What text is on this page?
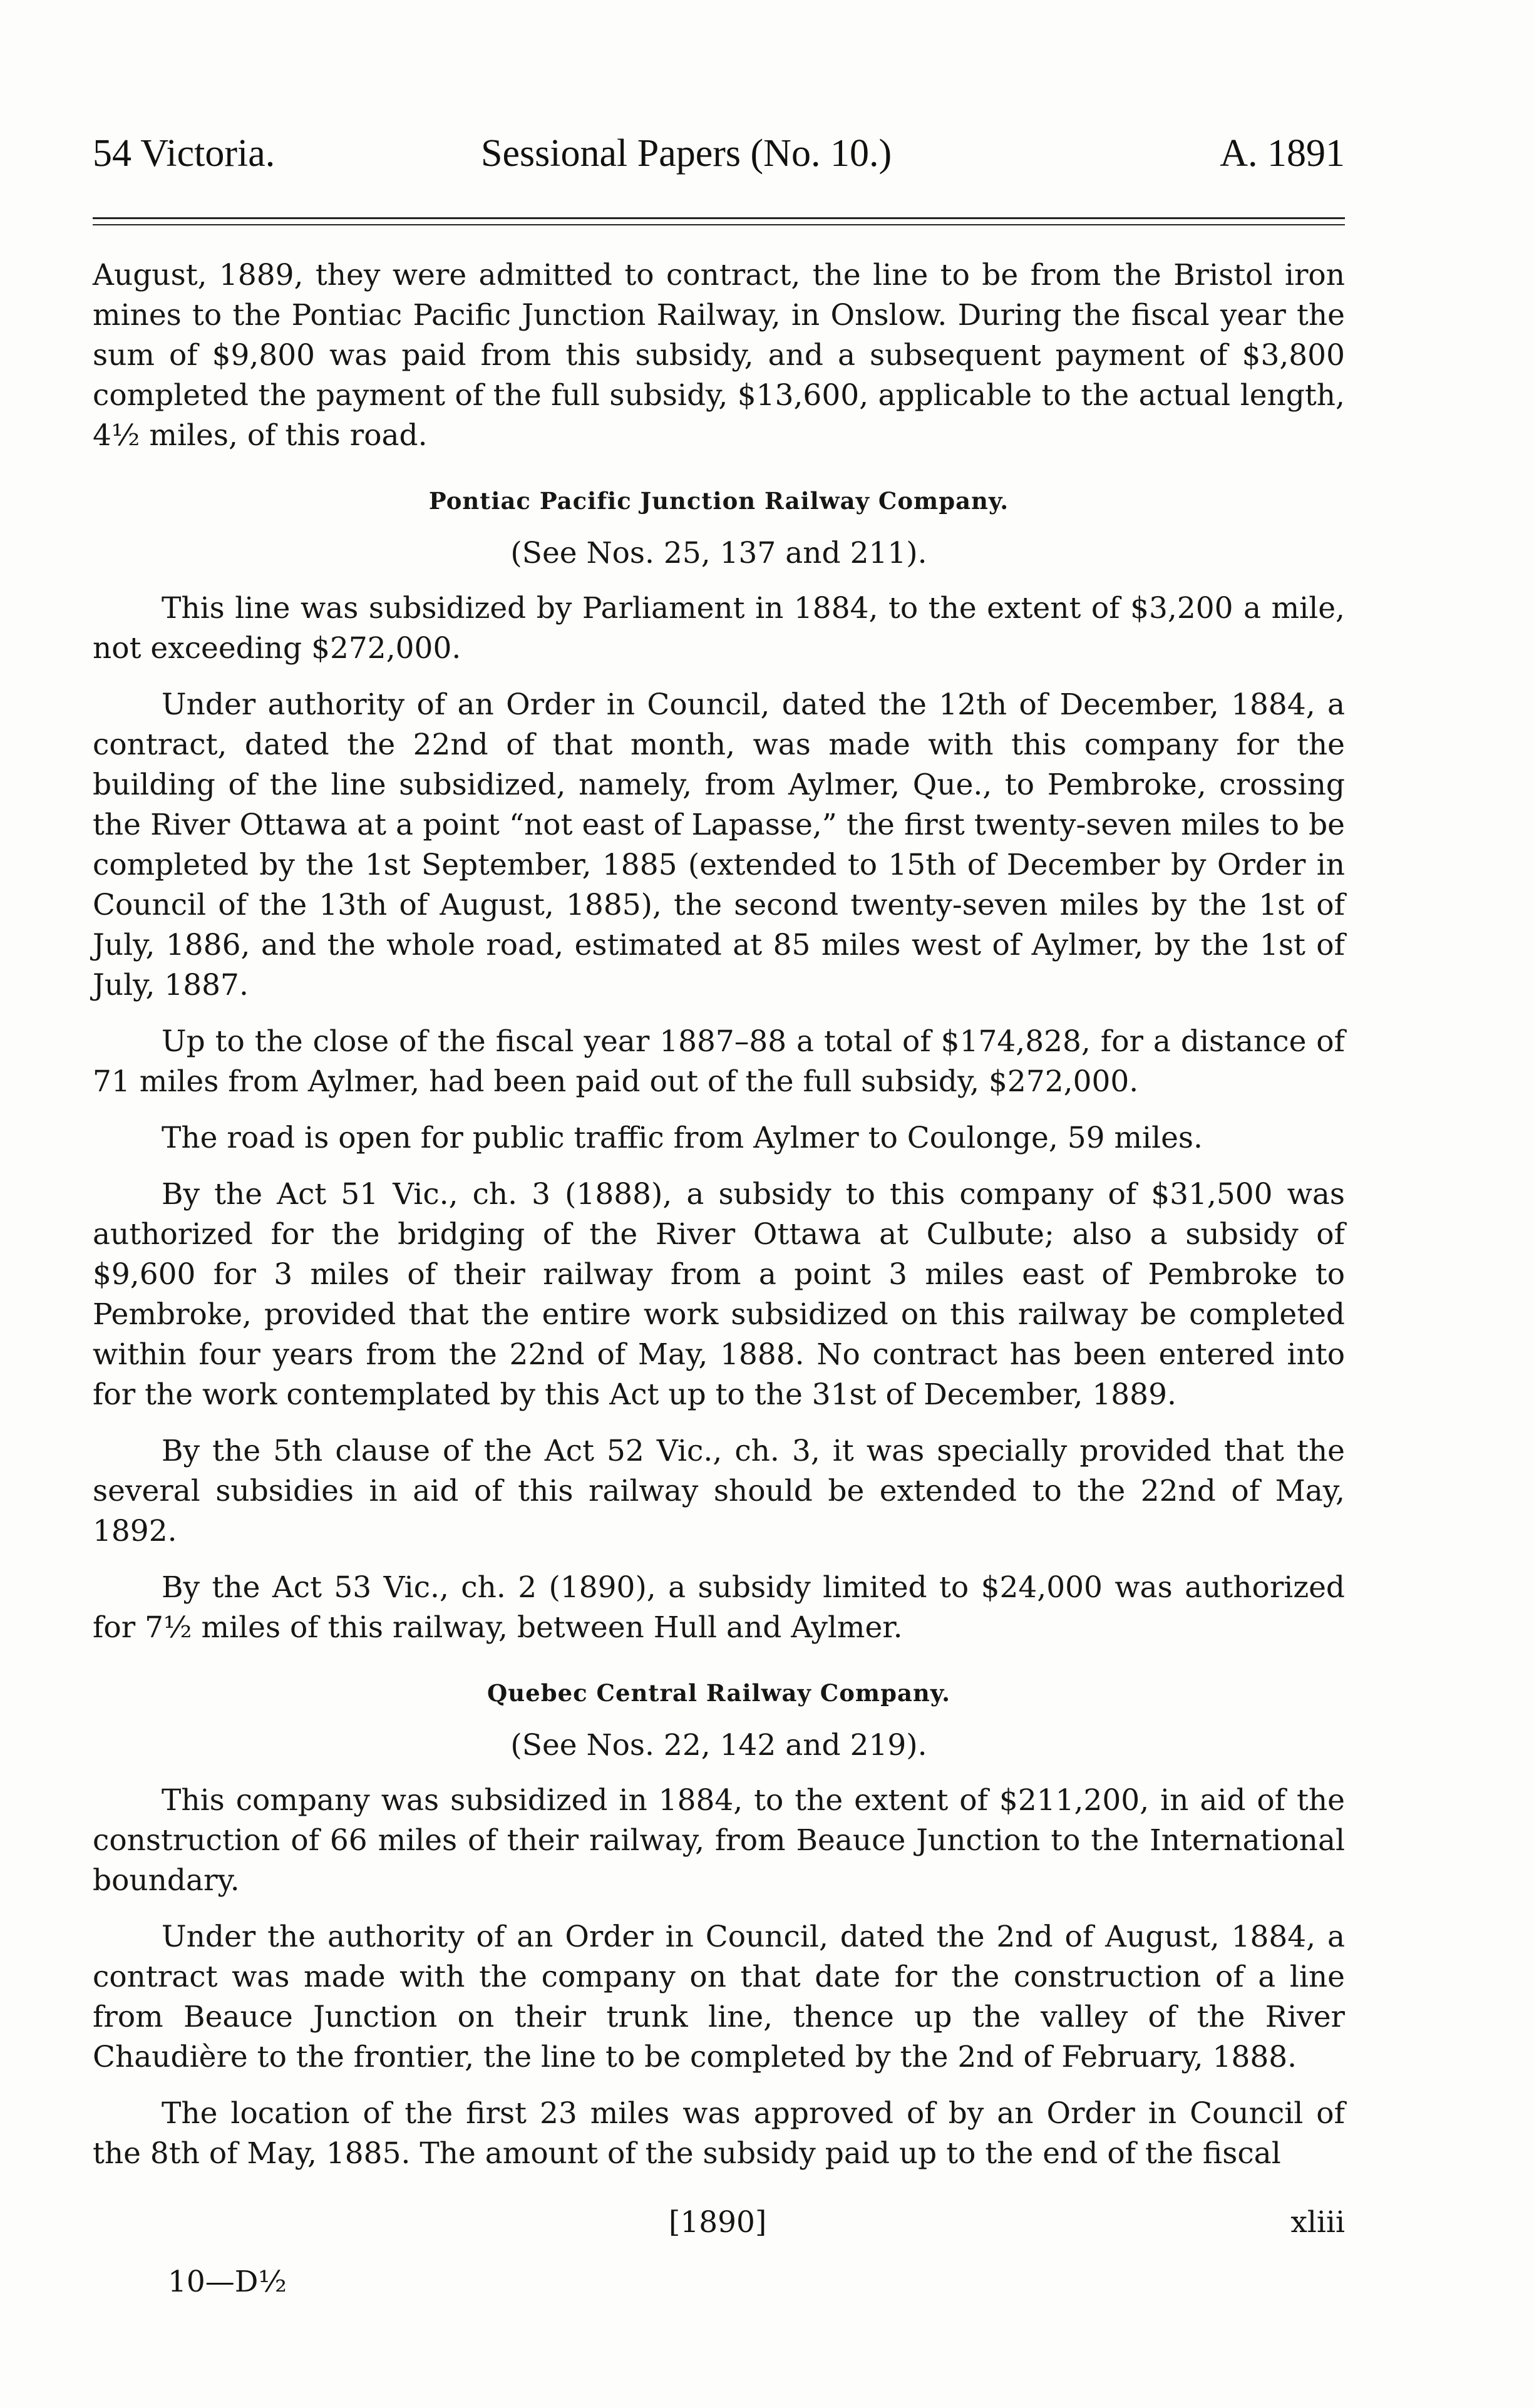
54 Victoria.	Sessional Papers (No. 10.)	A. 1891

August, 1889, they were admitted to contract, the line to be from the Bristol iron mines to the Pontiac Pacific Junction Railway, in Onslow. During the fiscal year the sum of $9,800 was paid from this subsidy, and a subsequent payment of $3,800 completed the payment of the full subsidy, $13,600, applicable to the actual length, 4½ miles, of this road.

Pontiac Pacific Junction Railway Company.
(See Nos. 25, 137 and 211).

This line was subsidized by Parliament in 1884, to the extent of $3,200 a mile, not exceeding $272,000.

Under authority of an Order in Council, dated the 12th of December, 1884, a contract, dated the 22nd of that month, was made with this company for the building of the line subsidized, namely, from Aylmer, Que., to Pembroke, crossing the River Ottawa at a point “not east of Lapasse,” the first twenty-seven miles to be completed by the 1st September, 1885 (extended to 15th of December by Order in Council of the 13th of August, 1885), the second twenty-seven miles by the 1st of July, 1886, and the whole road, estimated at 85 miles west of Aylmer, by the 1st of July, 1887.

Up to the close of the fiscal year 1887–88 a total of $174,828, for a distance of 71 miles from Aylmer, had been paid out of the full subsidy, $272,000.

The road is open for public traffic from Aylmer to Coulonge, 59 miles.

By the Act 51 Vic., ch. 3 (1888), a subsidy to this company of $31,500 was authorized for the bridging of the River Ottawa at Culbute; also a subsidy of $9,600 for 3 miles of their railway from a point 3 miles east of Pembroke to Pembroke, provided that the entire work subsidized on this railway be completed within four years from the 22nd of May, 1888. No contract has been entered into for the work contemplated by this Act up to the 31st of December, 1889.

By the 5th clause of the Act 52 Vic., ch. 3, it was specially provided that the several subsidies in aid of this railway should be extended to the 22nd of May, 1892.

By the Act 53 Vic., ch. 2 (1890), a subsidy limited to $24,000 was authorized for 7½ miles of this railway, between Hull and Aylmer.

Quebec Central Railway Company.
(See Nos. 22, 142 and 219).

This company was subsidized in 1884, to the extent of $211,200, in aid of the construction of 66 miles of their railway, from Beauce Junction to the International boundary.

Under the authority of an Order in Council, dated the 2nd of August, 1884, a contract was made with the company on that date for the construction of a line from Beauce Junction on their trunk line, thence up the valley of the River Chaudière to the frontier, the line to be completed by the 2nd of February, 1888.

The location of the first 23 miles was approved of by an Order in Council of the 8th of May, 1885. The amount of the subsidy paid up to the end of the fiscal

[1890]	xliii
10—D½
